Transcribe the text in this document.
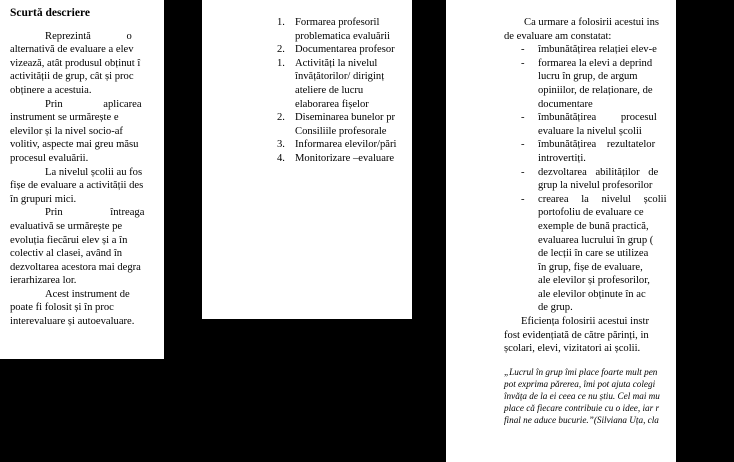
Scurtă descriere

Reprezintă o m
alternativă de evaluare a elev
vizează, atât produsul obținut î
activității de grup, cât și proc
obținere a acestuia.

Prin aplicarea
instrument se urmărește e
elevilor și la nivel socio-af
volitiv, aspecte mai greu măsu
procesul evaluării.

La nivelul școlii au fos
fișe de evaluare a activității des
în grupuri mici.

Prin întreaga a
evaluativă se urmărește pe
evoluția fiecărui elev și a în
colectiv al clasei, având în
dezvoltarea acestora mai degra
ierarhizarea lor.

Acest instrument de
poate fi folosit și în proc
interevaluare și autoevaluare.

1. Formarea profesoril
problematica evaluării
2. Documentarea profesor
1. Activități la nivelul
învățătorilor/ diriginț
ateliere de lucru
elaborarea fișelor
2. Diseminarea bunelor pr
Consiliile profesorale
3. Informarea elevilor/pări
4. Monitorizare –evaluare

Ca urmare a folosirii acestui ins
de evaluare am constatat:

- îmbunătățirea relației elev-e
- formarea la elevi a deprind
lucru în grup, de argum
opiniilor, de relaționare, de
documentare
- îmbunătățirea procesul
evaluare la nivelul școlii
- îmbunătățirea rezultatelor
introvertiți.
- dezvoltarea abilităților de
grup la nivelul profesorilor
- crearea la nivelul școlii
portofoliu de evaluare ce
exemple de bună practică,
evaluarea lucrului în grup (
de lecții în care se utilizea
în grup, fișe de evaluare,
ale elevilor și profesorilor,
ale elevilor obținute în ac
de grup.

Eficiența folosirii acestui instr
fost evidențiată de către părinți, in
școlari, elevi, vizitatori ai școlii.

„Lucrul în grup îmi place foarte mult pen
pot exprima părerea, îmi pot ajuta colegi
învăța de la ei ceea ce nu știu. Cel mai mu
place că fiecare contribuie cu o idee, iar r
final ne aduce bucurie.”(Silviana Uța, cla
